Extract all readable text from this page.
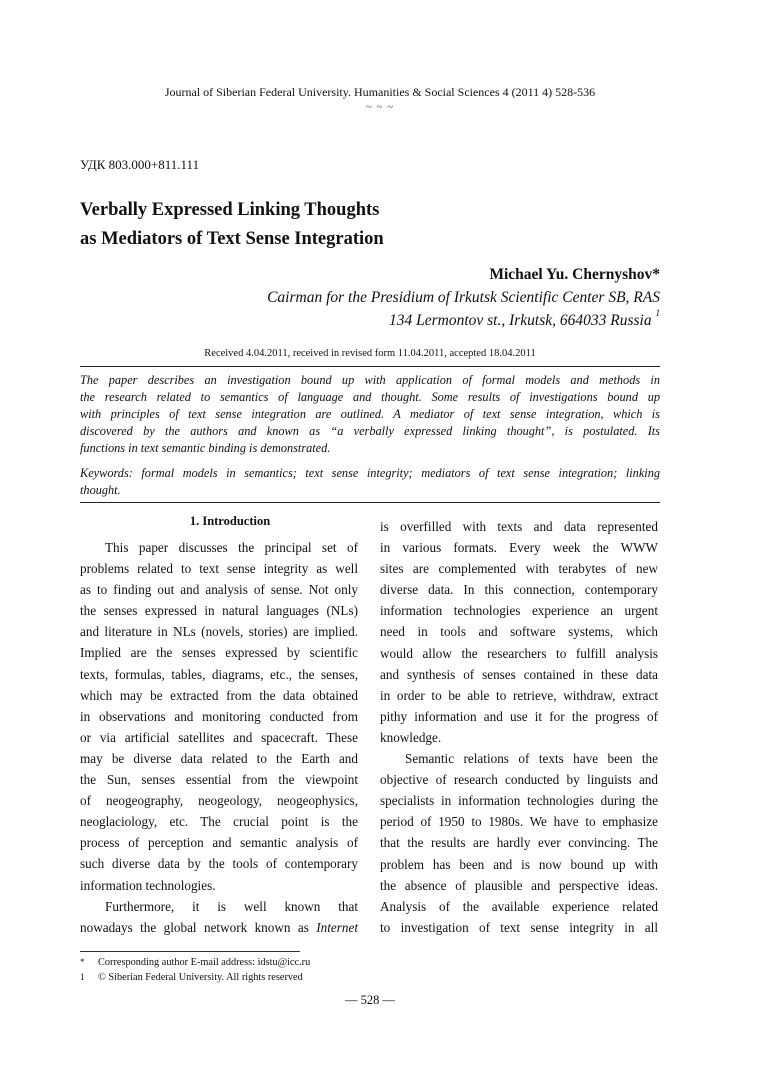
Journal of Siberian Federal University. Humanities & Social Sciences 4 (2011 4) 528-536
~ ~ ~
УДК 803.000+811.111
Verbally Expressed Linking Thoughts
as Mediators of Text Sense Integration
Michael Yu. Chernyshov*
Cairman for the Presidium of Irkutsk Scientific Center SB, RAS
134 Lermontov st., Irkutsk, 664033 Russia $^1$
Received 4.04.2011, received in revised form 11.04.2011, accepted 18.04.2011
The paper describes an investigation bound up with application of formal models and methods in
the research related to semantics of language and thought. Some results of investigations bound up
with principles of text sense integration are outlined. A mediator of text sense integration, which is
discovered by the authors and known as “a verbally expressed linking thought”, is postulated. Its
functions in text semantic binding is demonstrated.
Keywords: formal models in semantics; text sense integrity; mediators of text sense integration; linking
thought.
1. Introduction
This paper discusses the principal set of
problems related to text sense integrity as well
as to finding out and analysis of sense. Not only
the senses expressed in natural languages (NLs)
and literature in NLs (novels, stories) are implied.
Implied are the senses expressed by scientific
texts, formulas, tables, diagrams, etc., the senses,
which may be extracted from the data obtained
in observations and monitoring conducted from
or via artificial satellites and spacecraft. These
may be diverse data related to the Earth and
the Sun, senses essential from the viewpoint
of neogeography, neogeology, neogeophysics,
neoglaciology, etc. The crucial point is the
process of perception and semantic analysis of
such diverse data by the tools of contemporary
information technologies.
Furthermore, it is well known that
nowadays the global network known as Internet
is overfilled with texts and data represented
in various formats. Every week the WWW
sites are complemented with terabytes of new
diverse data. In this connection, contemporary
information technologies experience an urgent
need in tools and software systems, which
would allow the researchers to fulfill analysis
and synthesis of senses contained in these data
in order to be able to retrieve, withdraw, extract
pithy information and use it for the progress of
knowledge.
Semantic relations of texts have been the
objective of research conducted by linguists and
specialists in information technologies during the
period of 1950 to 1980s. We have to emphasize
that the results are hardly ever convincing. The
problem has been and is now bound up with
the absence of plausible and perspective ideas.
Analysis of the available experience related
to investigation of text sense integrity in all
* Corresponding author E-mail address: idstu@icc.ru
1 © Siberian Federal University. All rights reserved
— 528 —
